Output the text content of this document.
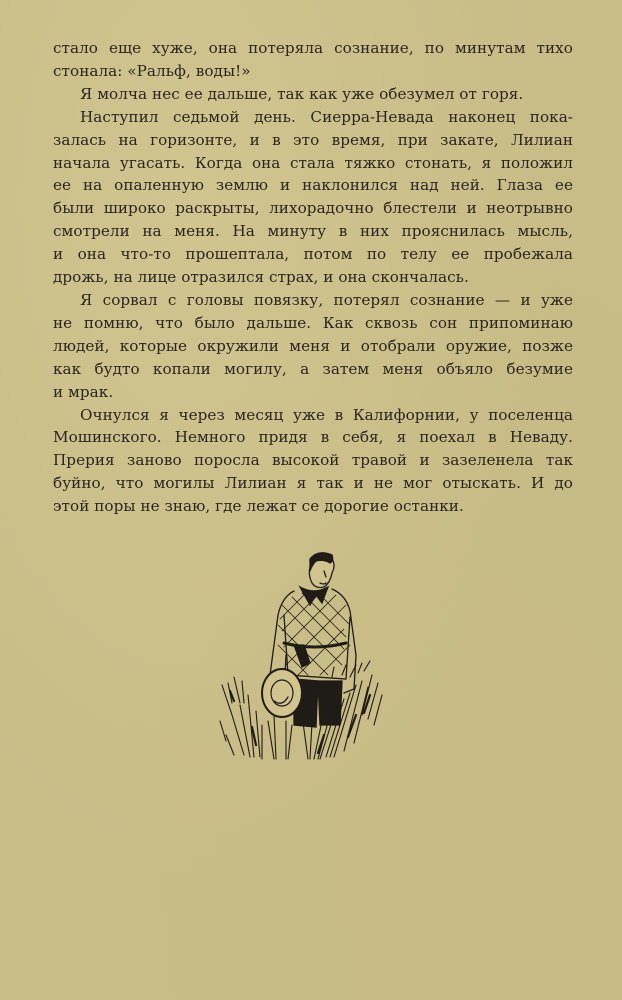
стало еще хуже, она потеряла сознание, по минутам тихо
стонала: «Ральф, воды!»
Я молча нес ее дальше, так как уже обезумел от горя.
Наступил седьмой день. Сиерра-Невада наконец пока-
залась на горизонте, и в это время, при закате, Лилиан
начала угасать. Когда она стала тяжко стонать, я положил
ее на опаленную землю и наклонился над ней. Глаза ее
были широко раскрыты, лихорадочно блестели и неотрывно
смотрели на меня. На минуту в них прояснилась мысль,
и она что-то прошептала, потом по телу ее пробежала
дрожь, на лице отразился страх, и она скончалась.
Я сорвал с головы повязку, потерял сознание — и уже
не помню, что было дальше. Как сквозь сон припоминаю
людей, которые окружили меня и отобрали оружие, позже
как будто копали могилу, а затем меня объяло безумие
и мрак.
Очнулся я через месяц уже в Калифорнии, у поселенца
Мошинского. Немного придя в себя, я поехал в Неваду.
Прерия заново поросла высокой травой и зазеленела так
буйно, что могилы Лилиан я так и не мог отыскать. И до
этой поры не знаю, где лежат се дорогие останки.
